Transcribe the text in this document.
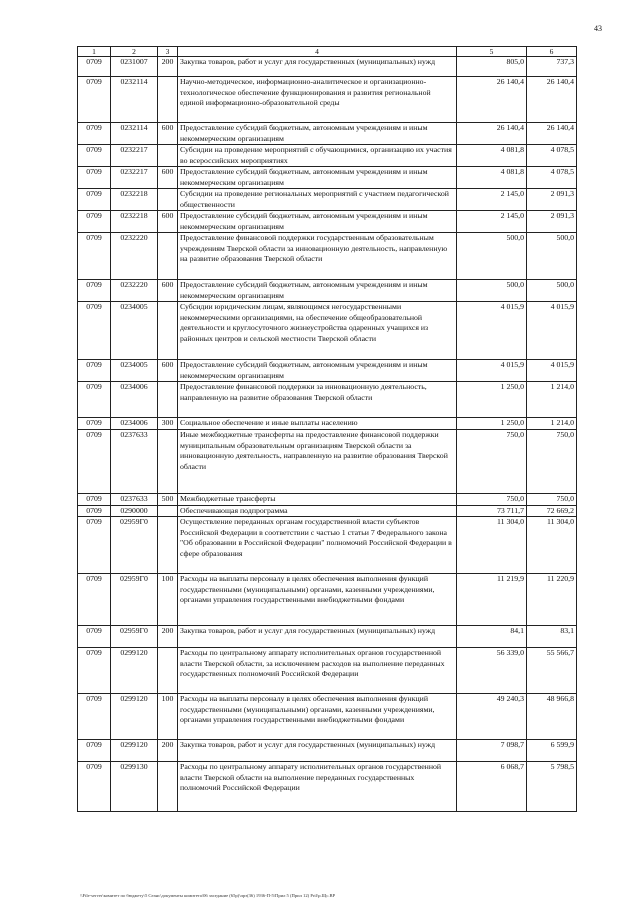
43
1	2	3	4	5	6
0709	0231007	200	Закупка товаров, работ и услуг для государственных (муниципальных) нужд	805,0	737,3
0709	0232114		Научно-методическое, информационно-аналитическое и организационно-технологическое обеспечение функционирования и развития региональной единой информационно-образовательной среды	26 140,4	26 140,4
0709	0232114	600	Предоставление субсидий бюджетным, автономным учреждениям и иным некоммерческим организациям	26 140,4	26 140,4
0709	0232217		Субсидии на проведение мероприятий с обучающимися, организацию их участия во всероссийских мероприятиях	4 081,8	4 078,5
0709	0232217	600	Предоставление субсидий бюджетным, автономным учреждениям и иным некоммерческим организациям	4 081,8	4 078,5
0709	0232218		Субсидии на проведение региональных мероприятий с участием педагогической общественности	2 145,0	2 091,3
0709	0232218	600	Предоставление субсидий бюджетным, автономным учреждениям и иным некоммерческим организациям	2 145,0	2 091,3
0709	0232220		Предоставление финансовой поддержки государственным образовательным учреждениям Тверской области за инновационную деятельность, направленную на развитие образования Тверской области	500,0	500,0
0709	0232220	600	Предоставление субсидий бюджетным, автономным учреждениям и иным некоммерческим организациям	500,0	500,0
0709	0234005		Субсидии юридическим лицам, являющимся негосударственными некоммерческими организациями, на обеспечение общеобразовательной деятельности и круглосуточного жизнеустройства одаренных учащихся из районных центров и сельской местности Тверской области	4 015,9	4 015,9
0709	0234005	600	Предоставление субсидий бюджетным, автономным учреждениям и иным некоммерческим организациям	4 015,9	4 015,9
0709	0234006		Предоставление финансовой поддержки за инновационную деятельность, направленную на развитие образования Тверской области	1 250,0	1 214,0
0709	0234006	300	Социальное обеспечение и иные выплаты населению	1 250,0	1 214,0
0709	0237633		Иные межбюджетные трансферты на предоставление финансовой поддержки муниципальным образовательным организациям Тверской области за инновационную деятельность, направленную на развитие образования Тверской области	750,0	750,0
0709	0237633	500	Межбюджетные трансферты	750,0	750,0
0709	0290000		Обеспечивающая подпрограмма	73 711,7	72 669,2
0709	02959Г0		Осуществление переданных органам государственной власти субъектов Российской Федерации в соответствии с частью 1 статьи 7 Федерального закона "Об образовании в Российской Федерации" полномочий Российской Федерации в сфере образования	11 304,0	11 304,0
0709	02959Г0	100	Расходы на выплаты персоналу в целях обеспечения выполнения функций государственными (муниципальными) органами, казенными учреждениями, органами управления государственными внебюджетными фондами	11 219,9	11 220,9
0709	02959Г0	200	Закупка товаров, работ и услуг для государственных (муниципальных) нужд	84,1	83,1
0709	0299120		Расходы по центральному аппарату исполнительных органов государственной власти Тверской области, за исключением расходов на выполнение переданных государственных полномочий Российской Федерации	56 339,0	55 566,7
0709	0299120	100	Расходы на выплаты персоналу в целях обеспечения выполнения функций государственными (муниципальными) органами, казенными учреждениями, органами управления государственными внебюджетными фондами	49 240,3	48 966,8
0709	0299120	200	Закупка товаров, работ и услуг для государственных (муниципальных) нужд	7 098,7	6 599,9
0709	0299130		Расходы по центральному аппарату исполнительных органов государственной власти Тверской области на выполнение переданных государственных полномочий Российской Федерации	6 068,7	5 798,5
\\File-server\комитет по бюджету\5 Сеанс\документы комитета\06 заседание (65р)\прз(36) 1936-П-5\Прил 5 (Прил 12) Pril\p.Щс.ВР
